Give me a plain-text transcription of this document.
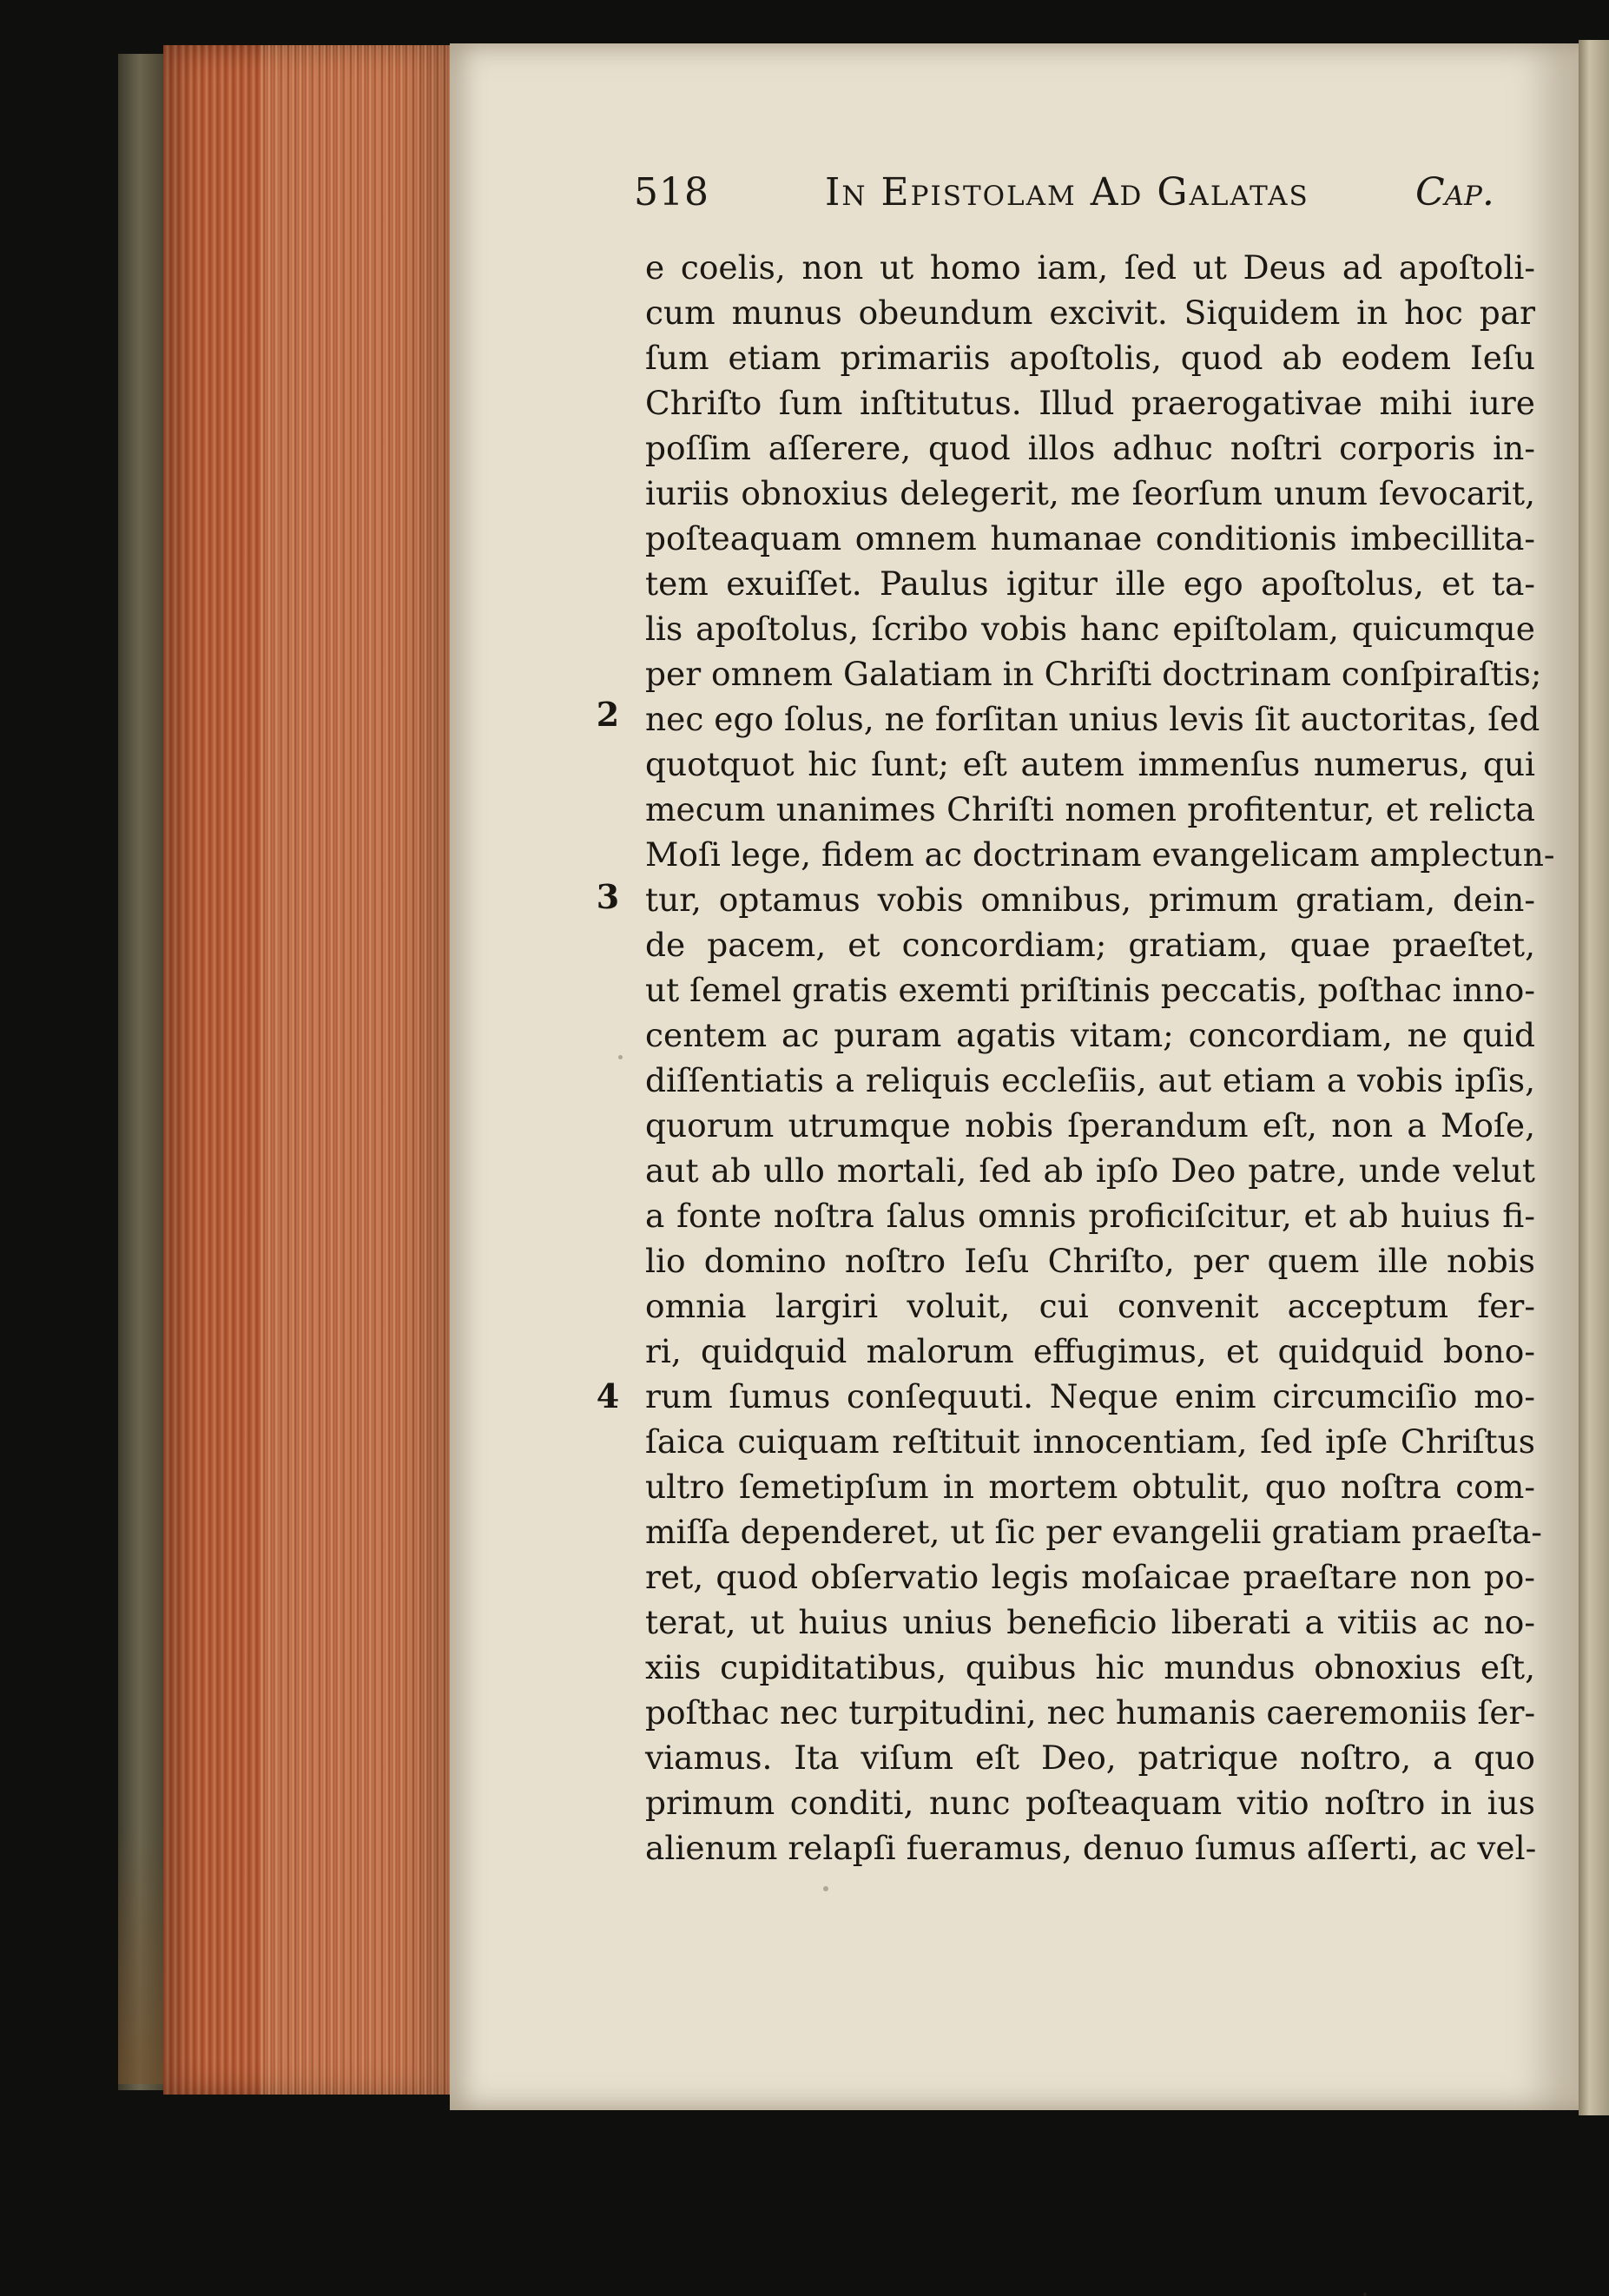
518	In Epistolam Ad Galatas	Cap.
2
3
4
e coelis, non ut homo iam, ſed ut Deus ad apoſtoli-
cum munus obeundum excivit. Siquidem in hoc par
ſum etiam primariis apoſtolis, quod ab eodem Ieſu
Chriſto ſum inſtitutus. Illud praerogativae mihi iure
poſſim aſſerere, quod illos adhuc noſtri corporis in-
iuriis obnoxius delegerit, me ſeorſum unum ſevocarit,
poſteaquam omnem humanae conditionis imbecillita-
tem exuiſſet. Paulus igitur ille ego apoſtolus, et ta-
lis apoſtolus, ſcribo vobis hanc epiſtolam, quicumque
per omnem Galatiam in Chriſti doctrinam conſpiraſtis;
nec ego ſolus, ne forſitan unius levis ſit auctoritas, ſed
quotquot hic ſunt; eſt autem immenſus numerus, qui
mecum unanimes Chriſti nomen profitentur, et relicta
Moſi lege, fidem ac doctrinam evangelicam amplectun-
tur, optamus vobis omnibus, primum gratiam, dein-
de pacem, et concordiam; gratiam, quae praeſtet,
ut ſemel gratis exemti priſtinis peccatis, poſthac inno-
centem ac puram agatis vitam; concordiam, ne quid
diſſentiatis a reliquis eccleſiis, aut etiam a vobis ipſis,
quorum utrumque nobis ſperandum eſt, non a Moſe,
aut ab ullo mortali, ſed ab ipſo Deo patre, unde velut
a fonte noſtra ſalus omnis proficiſcitur, et ab huius fi-
lio domino noſtro Ieſu Chriſto, per quem ille nobis
omnia largiri voluit, cui convenit acceptum fer-
ri, quidquid malorum effugimus, et quidquid bono-
rum ſumus conſequuti. Neque enim circumciſio mo-
ſaica cuiquam reſtituit innocentiam, ſed ipſe Chriſtus
ultro ſemetipſum in mortem obtulit, quo noſtra com-
miſſa dependeret, ut ſic per evangelii gratiam praeſta-
ret, quod obſervatio legis moſaicae praeſtare non po-
terat, ut huius unius beneficio liberati a vitiis ac no-
xiis cupiditatibus, quibus hic mundus obnoxius eſt,
poſthac nec turpitudini, nec humanis caeremoniis ſer-
viamus. Ita viſum eſt Deo, patrique noſtro, a quo
primum conditi, nunc poſteaquam vitio noſtro in ius
alienum relapſi fueramus, denuo ſumus aſſerti, ac vel-
